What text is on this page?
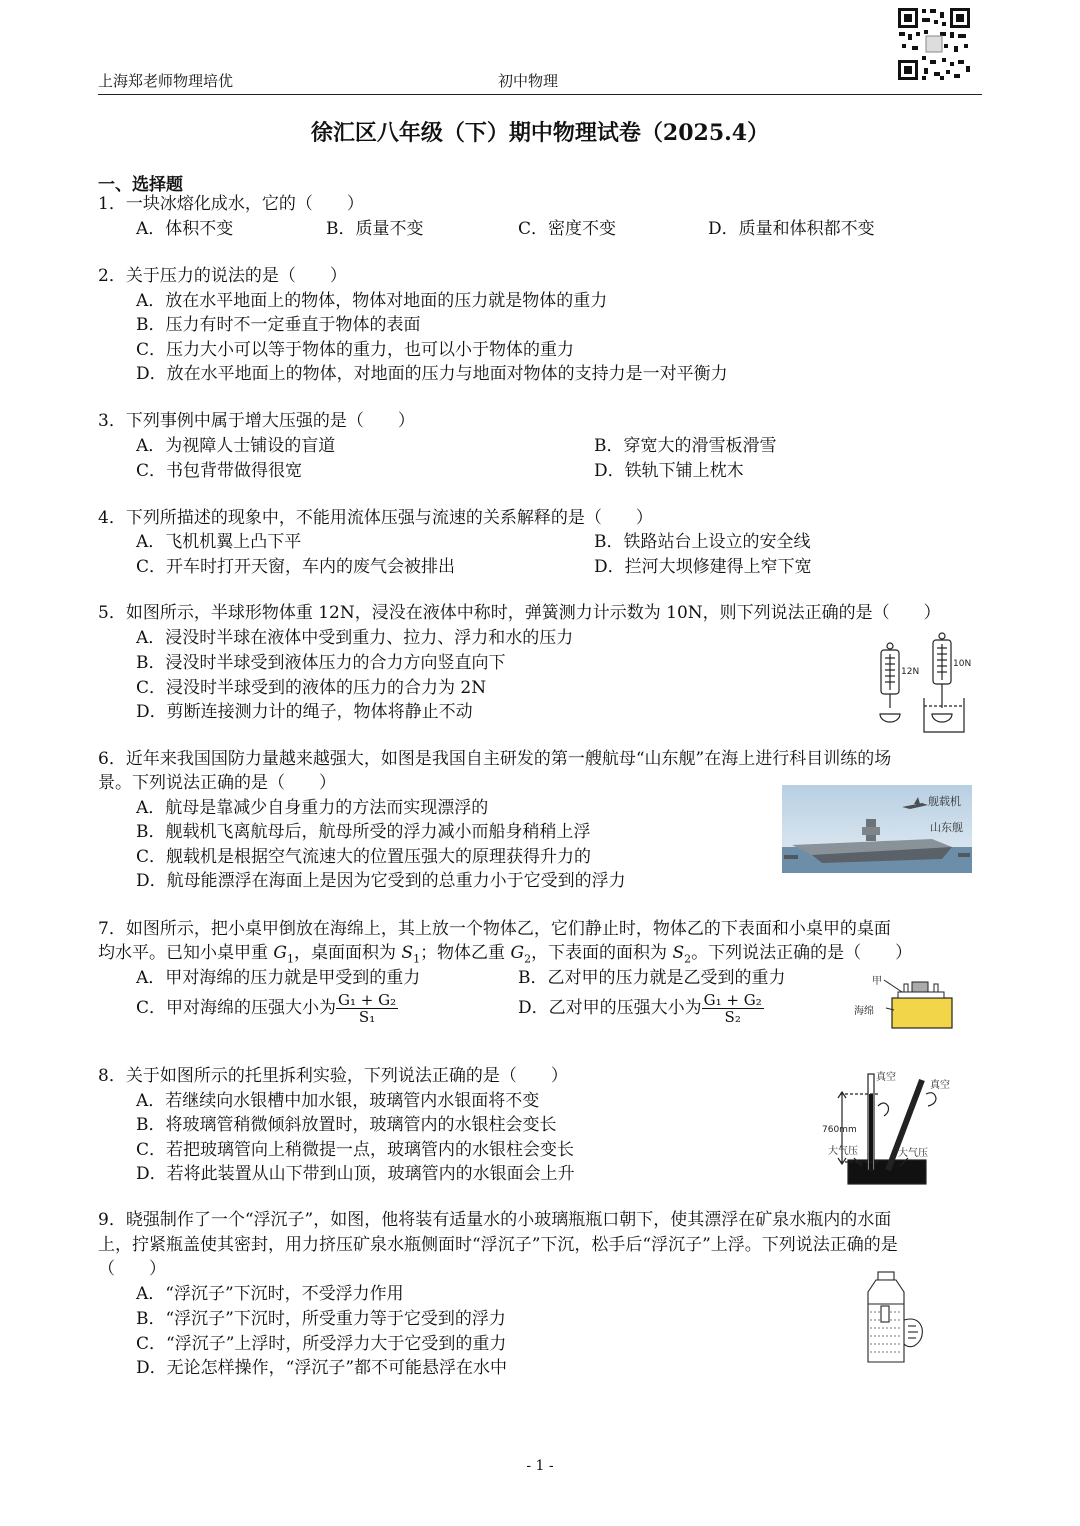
上海郑老师物理培优	初中物理
徐汇区八年级（下）期中物理试卷（2025.4）
一、选择题
1．一块冰熔化成水，它的（　　）
A．体积不变	B．质量不变	C．密度不变	D．质量和体积都不变
2．关于压力的说法的是（　　）
A．放在水平地面上的物体，物体对地面的压力就是物体的重力
B．压力有时不一定垂直于物体的表面
C．压力大小可以等于物体的重力，也可以小于物体的重力
D．放在水平地面上的物体，对地面的压力与地面对物体的支持力是一对平衡力
3．下列事例中属于增大压强的是（　　）
A．为视障人士铺设的盲道	B．穿宽大的滑雪板滑雪
C．书包背带做得很宽	D．铁轨下铺上枕木
4．下列所描述的现象中，不能用流体压强与流速的关系解释的是（　　）
A．飞机机翼上凸下平	B．铁路站台上设立的安全线
C．开车时打开天窗，车内的废气会被排出	D．拦河大坝修建得上窄下宽
5．如图所示，半球形物体重 12N，浸没在液体中称时，弹簧测力计示数为 10N，则下列说法正确的是（　　）
A．浸没时半球在液体中受到重力、拉力、浮力和水的压力
B．浸没时半球受到液体压力的合力方向竖直向下
C．浸没时半球受到的液体的压力的合力为 2N
D．剪断连接测力计的绳子，物体将静止不动
12N
10N
6．近年来我国国防力量越来越强大，如图是我国自主研发的第一艘航母“山东舰”在海上进行科目训练的场
景。下列说法正确的是（　　）
A．航母是靠减少自身重力的方法而实现漂浮的
B．舰载机飞离航母后，航母所受的浮力减小而船身稍稍上浮
C．舰载机是根据空气流速大的位置压强大的原理获得升力的
D．航母能漂浮在海面上是因为它受到的总重力小于它受到的浮力
舰载机
山东舰
7．如图所示，把小桌甲倒放在海绵上，其上放一个物体乙，它们静止时，物体乙的下表面和小桌甲的桌面
均水平。已知小桌甲重 $G_1$，桌面面积为 $S_1$；物体乙重 $G_2$，下表面的面积为 $S_2$。下列说法正确的是（　　）
A．甲对海绵的压力就是甲受到的重力	B．乙对甲的压力就是乙受到的重力
C．甲对海绵的压强大小为 $\frac{\text{G₁ + G₂}}{\text{S₁}}$	D．乙对甲的压强大小为 $\frac{\text{G₁ + G₂}}{\text{S₂}}$
甲
海绵
8．关于如图所示的托里拆利实验，下列说法正确的是（　　）
A．若继续向水银槽中加水银，玻璃管内水银面将不变
B．将玻璃管稍微倾斜放置时，玻璃管内的水银柱会变长
C．若把玻璃管向上稍微提一点，玻璃管内的水银柱会变长
D．若将此装置从山下带到山顶，玻璃管内的水银面会上升
真空
真空
760mm
大气压	大气压
9．晓强制作了一个“浮沉子”，如图，他将装有适量水的小玻璃瓶瓶口朝下，使其漂浮在矿泉水瓶内的水面
上，拧紧瓶盖使其密封，用力挤压矿泉水瓶侧面时“浮沉子”下沉，松手后“浮沉子”上浮。下列说法正确的是
（　　）
A．“浮沉子”下沉时，不受浮力作用
B．“浮沉子”下沉时，所受重力等于它受到的浮力
C．“浮沉子”上浮时，所受浮力大于它受到的重力
D．无论怎样操作，“浮沉子”都不可能悬浮在水中
- 1 -
